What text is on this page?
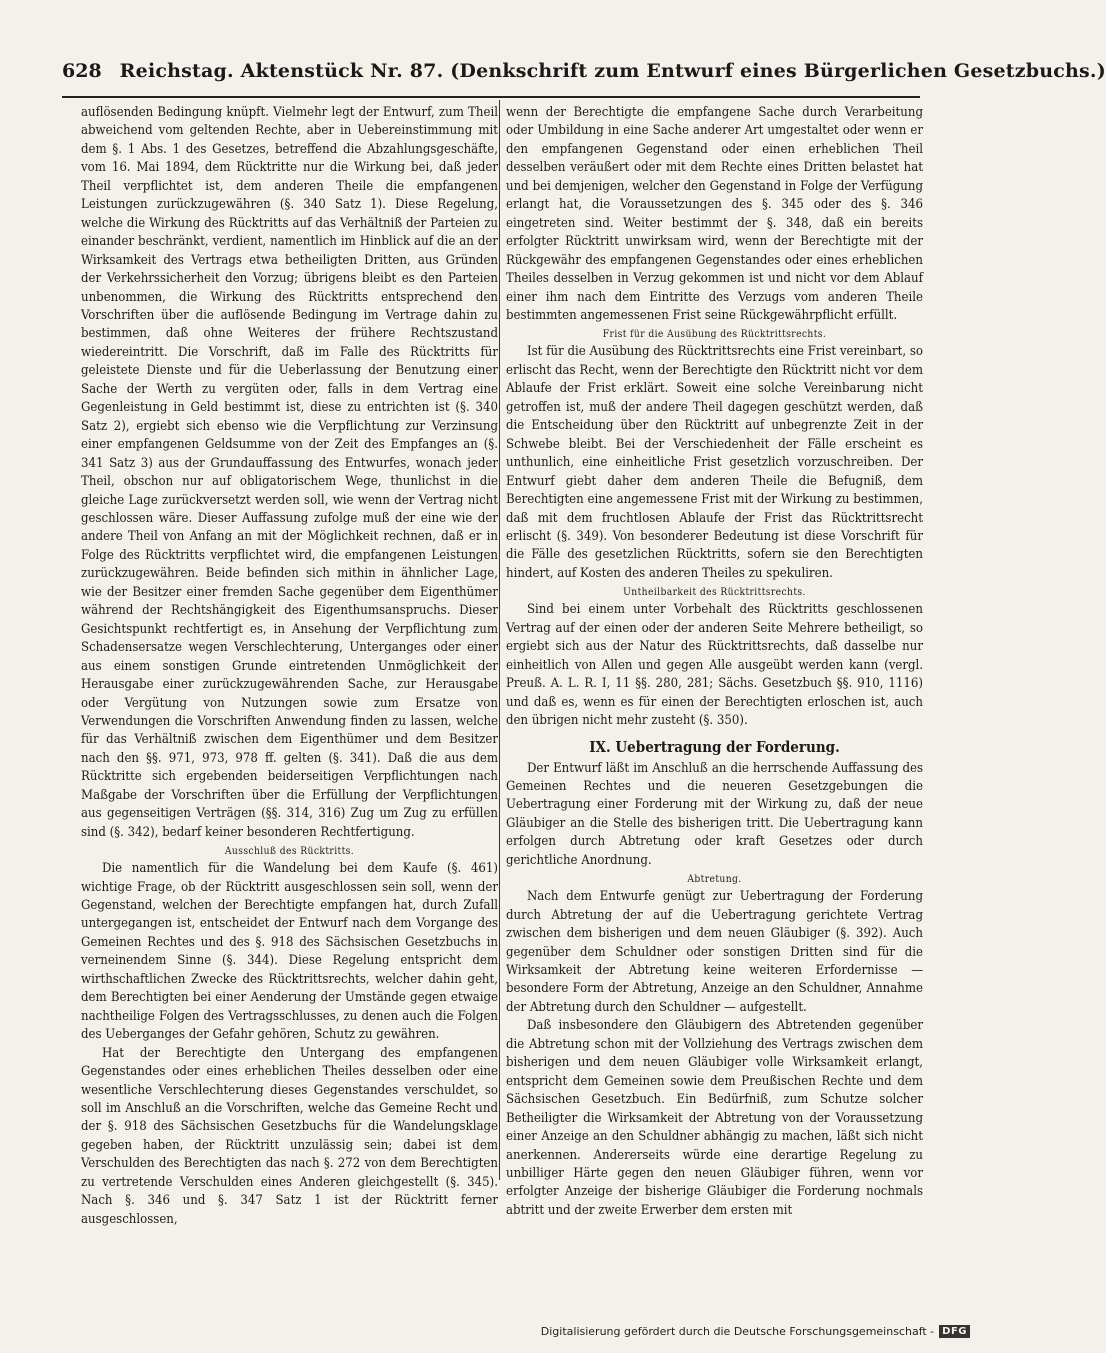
628 Reichstag. Aktenstück Nr. 87. (Denkschrift zum Entwurf eines Bürgerlichen Gesetzbuchs.)

auflösenden Bedingung knüpft. Vielmehr legt der Entwurf, zum Theil abweichend vom geltenden Rechte, aber in Uebereinstimmung mit dem §. 1 Abs. 1 des Gesetzes, betreffend die Abzahlungsgeschäfte, vom 16. Mai 1894, dem Rücktritte nur die Wirkung bei, daß jeder Theil verpflichtet ist, dem anderen Theile die empfangenen Leistungen zurückzugewähren (§. 340 Satz 1). Diese Regelung, welche die Wirkung des Rücktritts auf das Verhältniß der Parteien zu einander beschränkt, verdient, namentlich im Hinblick auf die an der Wirksamkeit des Vertrags etwa betheiligten Dritten, aus Gründen der Verkehrssicherheit den Vorzug; übrigens bleibt es den Parteien unbenommen, die Wirkung des Rücktritts entsprechend den Vorschriften über die auflösende Bedingung im Vertrage dahin zu bestimmen, daß ohne Weiteres der frühere Rechtszustand wiedereintritt. Die Vorschrift, daß im Falle des Rücktritts für geleistete Dienste und für die Ueberlassung der Benutzung einer Sache der Werth zu vergüten oder, falls in dem Vertrag eine Gegenleistung in Geld bestimmt ist, diese zu entrichten ist (§. 340 Satz 2), ergiebt sich ebenso wie die Verpflichtung zur Verzinsung einer empfangenen Geldsumme von der Zeit des Empfanges an (§. 341 Satz 3) aus der Grundauffassung des Entwurfes, wonach jeder Theil, obschon nur auf obligatorischem Wege, thunlichst in die gleiche Lage zurückversetzt werden soll, wie wenn der Vertrag nicht geschlossen wäre. Dieser Auffassung zufolge muß der eine wie der andere Theil von Anfang an mit der Möglichkeit rechnen, daß er in Folge des Rücktritts verpflichtet wird, die empfangenen Leistungen zurückzugewähren. Beide befinden sich mithin in ähnlicher Lage, wie der Besitzer einer fremden Sache gegenüber dem Eigenthümer während der Rechtshängigkeit des Eigenthumsanspruchs. Dieser Gesichtspunkt rechtfertigt es, in Ansehung der Verpflichtung zum Schadensersatze wegen Verschlechterung, Unterganges oder einer aus einem sonstigen Grunde eintretenden Unmöglichkeit der Herausgabe einer zurückzugewährenden Sache, zur Herausgabe oder Vergütung von Nutzungen sowie zum Ersatze von Verwendungen die Vorschriften Anwendung finden zu lassen, welche für das Verhältniß zwischen dem Eigenthümer und dem Besitzer nach den §§. 971, 973, 978 ff. gelten (§. 341). Daß die aus dem Rücktritte sich ergebenden beiderseitigen Verpflichtungen nach Maßgabe der Vorschriften über die Erfüllung der Verpflichtungen aus gegenseitigen Verträgen (§§. 314, 316) Zug um Zug zu erfüllen sind (§. 342), bedarf keiner besonderen Rechtfertigung.

Ausschluß des Rücktritts.

Die namentlich für die Wandelung bei dem Kaufe (§. 461) wichtige Frage, ob der Rücktritt ausgeschlossen sein soll, wenn der Gegenstand, welchen der Berechtigte empfangen hat, durch Zufall untergegangen ist, entscheidet der Entwurf nach dem Vorgange des Gemeinen Rechtes und des §. 918 des Sächsischen Gesetzbuchs in verneinendem Sinne (§. 344). Diese Regelung entspricht dem wirthschaftlichen Zwecke des Rücktrittsrechts, welcher dahin geht, dem Berechtigten bei einer Aenderung der Umstände gegen etwaige nachtheilige Folgen des Vertragsschlusses, zu denen auch die Folgen des Ueberganges der Gefahr gehören, Schutz zu gewähren.

Hat der Berechtigte den Untergang des empfangenen Gegenstandes oder eines erheblichen Theiles desselben oder eine wesentliche Verschlechterung dieses Gegenstandes verschuldet, so soll im Anschluß an die Vorschriften, welche das Gemeine Recht und der §. 918 des Sächsischen Gesetzbuchs für die Wandelungsklage gegeben haben, der Rücktritt unzulässig sein; dabei ist dem Verschulden des Berechtigten das nach §. 272 von dem Berechtigten zu vertretende Verschulden eines Anderen gleichgestellt (§. 345). Nach §. 346 und §. 347 Satz 1 ist der Rücktritt ferner ausgeschlossen,

wenn der Berechtigte die empfangene Sache durch Verarbeitung oder Umbildung in eine Sache anderer Art umgestaltet oder wenn er den empfangenen Gegenstand oder einen erheblichen Theil desselben veräußert oder mit dem Rechte eines Dritten belastet hat und bei demjenigen, welcher den Gegenstand in Folge der Verfügung erlangt hat, die Voraussetzungen des §. 345 oder des §. 346 eingetreten sind. Weiter bestimmt der §. 348, daß ein bereits erfolgter Rücktritt unwirksam wird, wenn der Berechtigte mit der Rückgewähr des empfangenen Gegenstandes oder eines erheblichen Theiles desselben in Verzug gekommen ist und nicht vor dem Ablauf einer ihm nach dem Eintritte des Verzugs vom anderen Theile bestimmten angemessenen Frist seine Rückgewährpflicht erfüllt.

Frist für die Ausübung des Rücktrittsrechts.

Ist für die Ausübung des Rücktrittsrechts eine Frist vereinbart, so erlischt das Recht, wenn der Berechtigte den Rücktritt nicht vor dem Ablaufe der Frist erklärt. Soweit eine solche Vereinbarung nicht getroffen ist, muß der andere Theil dagegen geschützt werden, daß die Entscheidung über den Rücktritt auf unbegrenzte Zeit in der Schwebe bleibt. Bei der Verschiedenheit der Fälle erscheint es unthunlich, eine einheitliche Frist gesetzlich vorzuschreiben. Der Entwurf giebt daher dem anderen Theile die Befugniß, dem Berechtigten eine angemessene Frist mit der Wirkung zu bestimmen, daß mit dem fruchtlosen Ablaufe der Frist das Rücktrittsrecht erlischt (§. 349). Von besonderer Bedeutung ist diese Vorschrift für die Fälle des gesetzlichen Rücktritts, sofern sie den Berechtigten hindert, auf Kosten des anderen Theiles zu spekuliren.

Untheilbarkeit des Rücktrittsrechts.

Sind bei einem unter Vorbehalt des Rücktritts geschlossenen Vertrag auf der einen oder der anderen Seite Mehrere betheiligt, so ergiebt sich aus der Natur des Rücktrittsrechts, daß dasselbe nur einheitlich von Allen und gegen Alle ausgeübt werden kann (vergl. Preuß. A. L. R. I, 11 §§. 280, 281; Sächs. Gesetzbuch §§. 910, 1116) und daß es, wenn es für einen der Berechtigten erloschen ist, auch den übrigen nicht mehr zusteht (§. 350).

IX. Uebertragung der Forderung.

Der Entwurf läßt im Anschluß an die herrschende Auffassung des Gemeinen Rechtes und die neueren Gesetzgebungen die Uebertragung einer Forderung mit der Wirkung zu, daß der neue Gläubiger an die Stelle des bisherigen tritt. Die Uebertragung kann erfolgen durch Abtretung oder kraft Gesetzes oder durch gerichtliche Anordnung.

Abtretung.

Nach dem Entwurfe genügt zur Uebertragung der Forderung durch Abtretung der auf die Uebertragung gerichtete Vertrag zwischen dem bisherigen und dem neuen Gläubiger (§. 392). Auch gegenüber dem Schuldner oder sonstigen Dritten sind für die Wirksamkeit der Abtretung keine weiteren Erfordernisse — besondere Form der Abtretung, Anzeige an den Schuldner, Annahme der Abtretung durch den Schuldner — aufgestellt.

Daß insbesondere den Gläubigern des Abtretenden gegenüber die Abtretung schon mit der Vollziehung des Vertrags zwischen dem bisherigen und dem neuen Gläubiger volle Wirksamkeit erlangt, entspricht dem Gemeinen sowie dem Preußischen Rechte und dem Sächsischen Gesetzbuch. Ein Bedürfniß, zum Schutze solcher Betheiligter die Wirksamkeit der Abtretung von der Voraussetzung einer Anzeige an den Schuldner abhängig zu machen, läßt sich nicht anerkennen. Andererseits würde eine derartige Regelung zu unbilliger Härte gegen den neuen Gläubiger führen, wenn vor erfolgter Anzeige der bisherige Gläubiger die Forderung nochmals abtritt und der zweite Erwerber dem ersten mit

Digitalisierung gefördert durch die Deutsche Forschungsgemeinschaft - DFG
